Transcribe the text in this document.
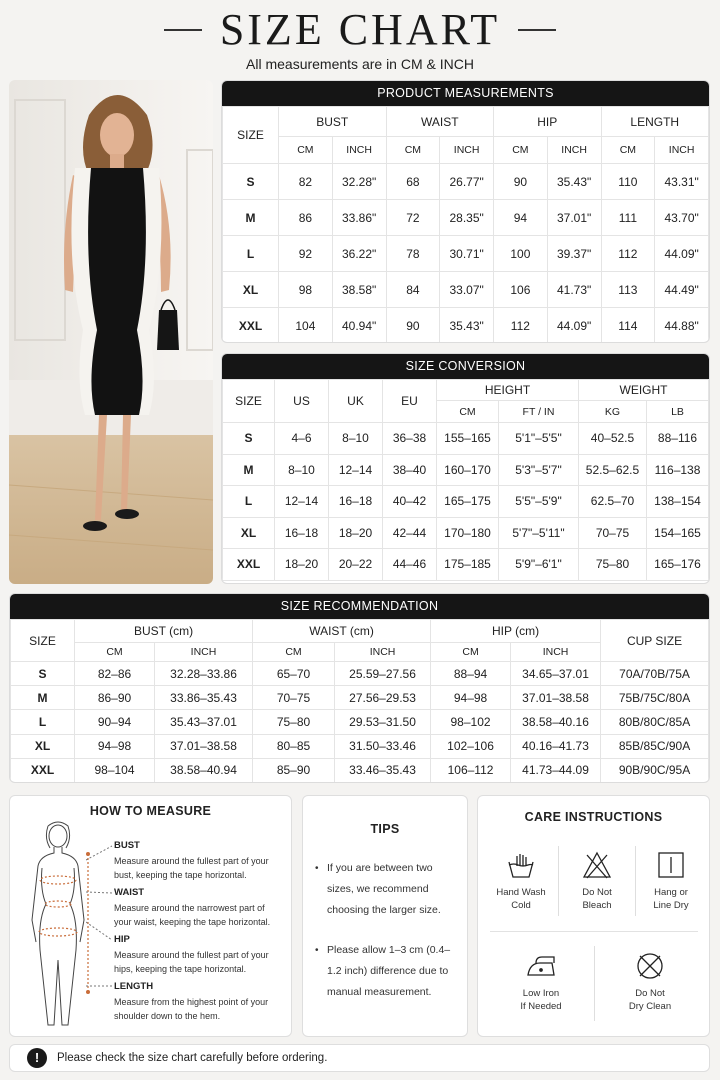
SIZE CHART
All measurements are in CM & INCH
PRODUCT MEASUREMENTS
SIZE	BUST		WAIST		HIP		LENGTH	
	CM	INCH	CM	INCH	CM	INCH	CM	INCH
S	82	32.28"	68	26.77"	90	35.43"	110	43.31"
M	86	33.86"	72	28.35"	94	37.01"	111	43.70"
L	92	36.22"	78	30.71"	100	39.37"	112	44.09"
XL	98	38.58"	84	33.07"	106	41.73"	113	44.49"
XXL	104	40.94"	90	35.43"	112	44.09"	114	44.88"
SIZE CONVERSION
SIZE	US	UK	EU	HEIGHT		WEIGHT	
				CM	FT / IN	KG	LB
S	4–6	8–10	36–38	155–165	5'1"–5'5"	40–52.5	88–116
M	8–10	12–14	38–40	160–170	5'3"–5'7"	52.5–62.5	116–138
L	12–14	16–18	40–42	165–175	5'5"–5'9"	62.5–70	138–154
XL	16–18	18–20	42–44	170–180	5'7"–5'11"	70–75	154–165
XXL	18–20	20–22	44–46	175–185	5'9"–6'1"	75–80	165–176
SIZE RECOMMENDATION
SIZE	BUST (cm)		WAIST (cm)		HIP (cm)		CUP SIZE
	CM	INCH	CM	INCH	CM	INCH	
S	82–86	32.28–33.86	65–70	25.59–27.56	88–94	34.65–37.01	70A/70B/75A
M	86–90	33.86–35.43	70–75	27.56–29.53	94–98	37.01–38.58	75B/75C/80A
L	90–94	35.43–37.01	75–80	29.53–31.50	98–102	38.58–40.16	80B/80C/85A
XL	94–98	37.01–38.58	80–85	31.50–33.46	102–106	40.16–41.73	85B/85C/90A
XXL	98–104	38.58–40.94	85–90	33.46–35.43	106–112	41.73–44.09	90B/90C/95A
HOW TO MEASURE
BUST
Measure around the fullest part of your bust, keeping the tape horizontal.
WAIST
Measure around the narrowest part of your waist, keeping the tape horizontal.
HIP
Measure around the fullest part of your hips, keeping the tape horizontal.
LENGTH
Measure from the highest point of your shoulder down to the hem.
TIPS
• If you are between two sizes, we recommend choosing the larger size.
• Please allow 1–3 cm (0.4–1.2 inch) difference due to manual measurement.
CARE INSTRUCTIONS
Hand Wash
Cold
Do Not
Bleach
Hang or
Line Dry
Low Iron
If Needed
Do Not
Dry Clean
!	Please check the size chart carefully before ordering.
